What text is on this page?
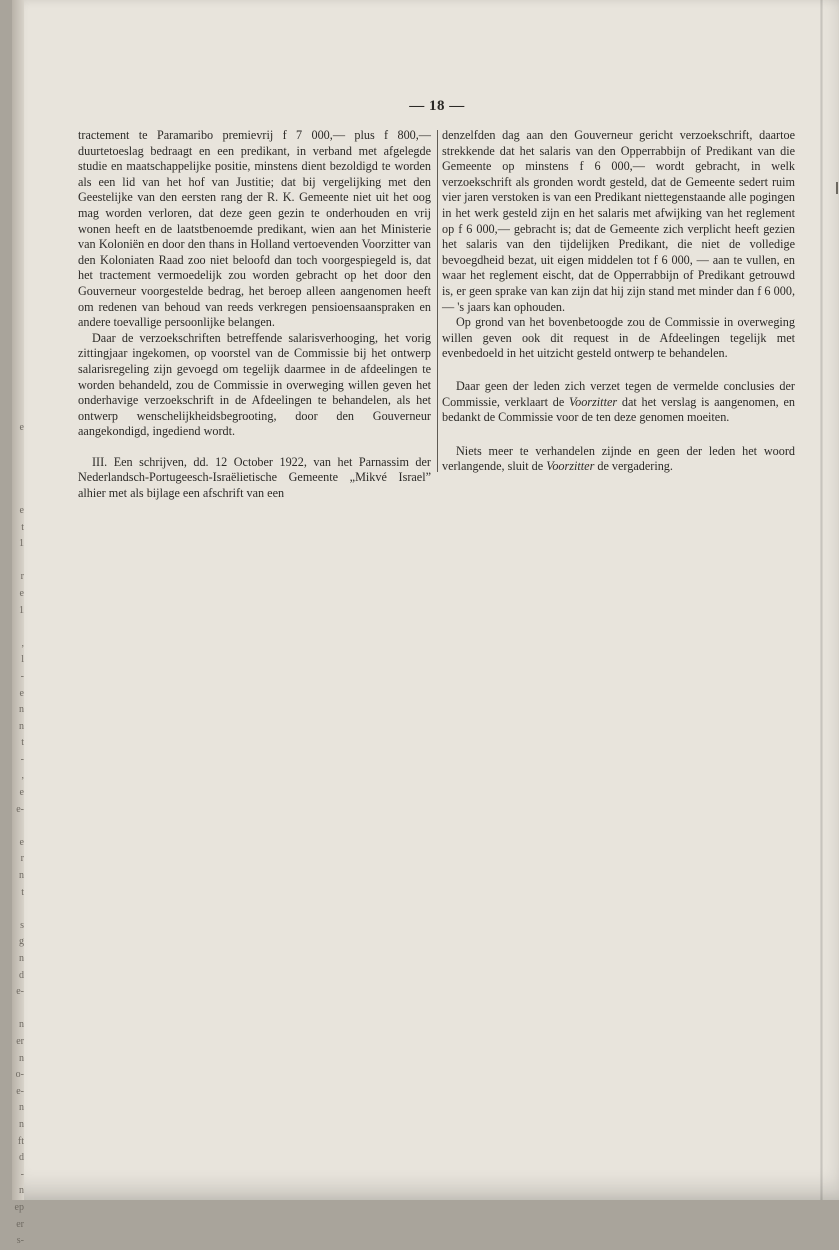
e

e
t
1

r
e
1

,
l
-
e
n
n
t
-
,
e
e-

e
r
n
t

s
g
n
d
e-

n
er
n
o-
e-
n
n
ft
d
-
n
ep
er
s-
— 18 —

tractement te Paramaribo premievrij f 7 000,— plus f 800,— duurtetoeslag bedraagt en een predikant, in verband met afgelegde studie en maatschappelijke positie, minstens dient bezoldigd te worden als een lid van het hof van Justitie; dat bij vergelijking met den Geestelijke van den eersten rang der R. K. Gemeente niet uit het oog mag worden verloren, dat deze geen gezin te onderhouden en vrij wonen heeft en de laatstbenoemde predikant, wien aan het Ministerie van Koloniën en door den thans in Holland vertoevenden Voorzitter van den Koloniaten Raad zoo niet beloofd dan toch voorgespiegeld is, dat het tractement vermoedelijk zou worden gebracht op het door den Gouverneur voorgestelde bedrag, het beroep alleen aangenomen heeft om redenen van behoud van reeds verkregen pensioensaanspraken en andere toevallige persoonlijke belangen.

Daar de verzoekschriften betreffende salarisverhooging, het vorig zittingjaar ingekomen, op voorstel van de Commissie bij het ontwerp salarisregeling zijn gevoegd om tegelijk daarmee in de afdeelingen te worden behandeld, zou de Commissie in overweging willen geven het onderhavige verzoekschrift in de Afdeelingen te behandelen, als het ontwerp wenschelijkheidsbegrooting, door den Gouverneur aangekondigd, ingediend wordt.

III. Een schrijven, dd. 12 October 1922, van het Parnassim der Nederlandsch-Portugeesch-Israëlietische Gemeente „Mikvé Israel” alhier met als bijlage een afschrift van een

denzelfden dag aan den Gouverneur gericht verzoekschrift, daartoe strekkende dat het salaris van den Opperrabbijn of Predikant van die Gemeente op minstens f 6 000,— wordt gebracht, in welk verzoekschrift als gronden wordt gesteld, dat de Gemeente sedert ruim vier jaren verstoken is van een Predikant niettegenstaande alle pogingen in het werk gesteld zijn en het salaris met afwijking van het reglement op f 6 000,— gebracht is; dat de Gemeente zich verplicht heeft gezien het salaris van den tijdelijken Predikant, die niet de volledige bevoegdheid bezat, uit eigen middelen tot f 6 000, — aan te vullen, en waar het reglement eischt, dat de Opperrabbijn of Predikant getrouwd is, er geen sprake van kan zijn dat hij zijn stand met minder dan f 6 000,— 's jaars kan ophouden.

Op grond van het bovenbetoogde zou de Commissie in overweging willen geven ook dit request in de Afdeelingen tegelijk met evenbedoeld in het uitzicht gesteld ontwerp te behandelen.

Daar geen der leden zich verzet tegen de vermelde conclusies der Commissie, verklaart de Voorzitter dat het verslag is aangenomen, en bedankt de Commissie voor de ten deze genomen moeiten.

Niets meer te verhandelen zijnde en geen der leden het woord verlangende, sluit de Voorzitter de vergadering.
